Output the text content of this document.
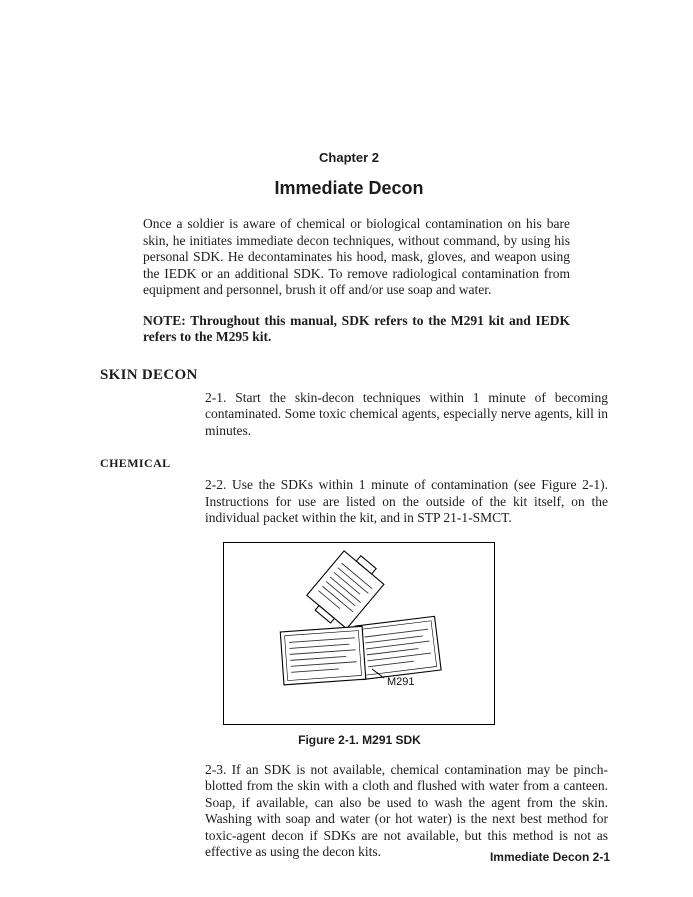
Chapter 2
Immediate Decon

Once a soldier is aware of chemical or biological contamination on his bare skin, he initiates immediate decon techniques, without command, by using his personal SDK. He decontaminates his hood, mask, gloves, and weapon using the IEDK or an additional SDK. To remove radiological contamination from equipment and personnel, brush it off and/or use soap and water.

NOTE: Throughout this manual, SDK refers to the M291 kit and IEDK refers to the M295 kit.

SKIN DECON

2-1. Start the skin-decon techniques within 1 minute of becoming contaminated. Some toxic chemical agents, especially nerve agents, kill in minutes.

CHEMICAL

2-2. Use the SDKs within 1 minute of contamination (see Figure 2-1). Instructions for use are listed on the outside of the kit itself, on the individual packet within the kit, and in STP 21-1-SMCT.

M291
Figure 2-1. M291 SDK

2-3. If an SDK is not available, chemical contamination may be pinch-blotted from the skin with a cloth and flushed with water from a canteen. Soap, if available, can also be used to wash the agent from the skin. Washing with soap and water (or hot water) is the next best method for toxic-agent decon if SDKs are not available, but this method is not as effective as using the decon kits.	Immediate Decon 2-1
